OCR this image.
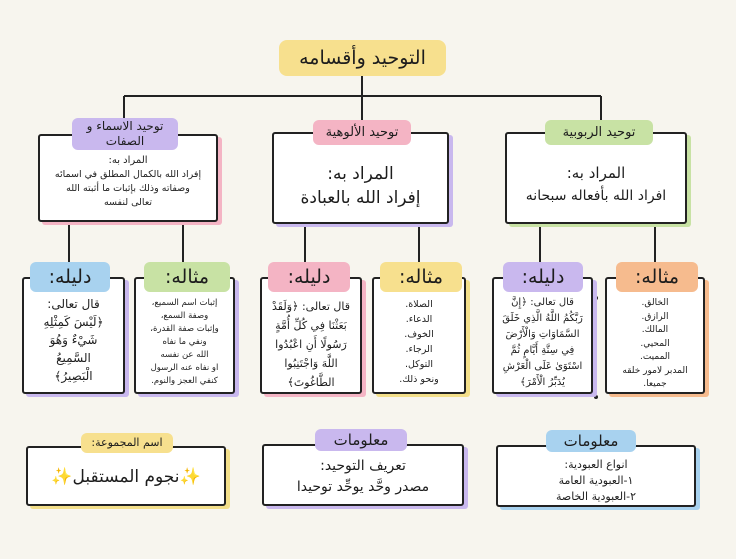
التوحيد وأقسامه
المراد به:
إفراد الله بالكمال المطلق في اسمائه
وصفاته وذلك بإثبات ما أثبته الله
تعالى لنفسه
توحيد الاسماء و
الصفات
قال تعالى:
﴿لَيْسَ كَمِثْلِهِ
شَيْءٌ وَهُوَ
السَّمِيعُ
الْبَصِيرُ﴾
دليله:
إثبات اسم السميع،
وصفة السمع،
وإثبات صفة القدرة،
ونفي ما نفاه
الله عن نفسه
او نفاه عنه الرسول
كنفي العجز والنوم.
مثاله:
المراد به:
إفراد الله بالعبادة
توحيد الألوهية
قال تعالى: ﴿وَلَقَدْ
بَعَثْنَا فِي كُلِّ أُمَّةٍ
رَسُولًا أَنِ اعْبُدُوا
اللَّهَ وَاجْتَنِبُوا
الطَّاغُوتَ﴾
دليله:
الصلاة.
الدعاء.
الخوف.
الرجاء.
التوكل.
ونحو ذلك.
مثاله:
المراد به:
افراد الله بأفعاله سبحانه
توحيد الربوبية
قال تعالى: ﴿إِنَّ
رَبَّكُمُ اللَّهُ الَّذِي خَلَقَ
السَّمَاوَاتِ وَالْأَرْضَ
فِي سِتَّةِ أَيَّامٍ ثُمَّ
اسْتَوَىٰ عَلَى الْعَرْشِ
يُدَبِّرُ الْأَمْرَ﴾
دليله:
الخالق.
الرازق.
المالك.
المحيي.
المميت.
المدبر لامور خلقه
جميعا.
مثاله:
✨نجوم المستقبل✨
اسم المجموعة:
تعريف التوحيد:
مصدر وحَّد يوحِّد توحيدا
معلومات
انواع العبودية:
١-العبودية العامة
٢-العبودية الخاصة
معلومات
